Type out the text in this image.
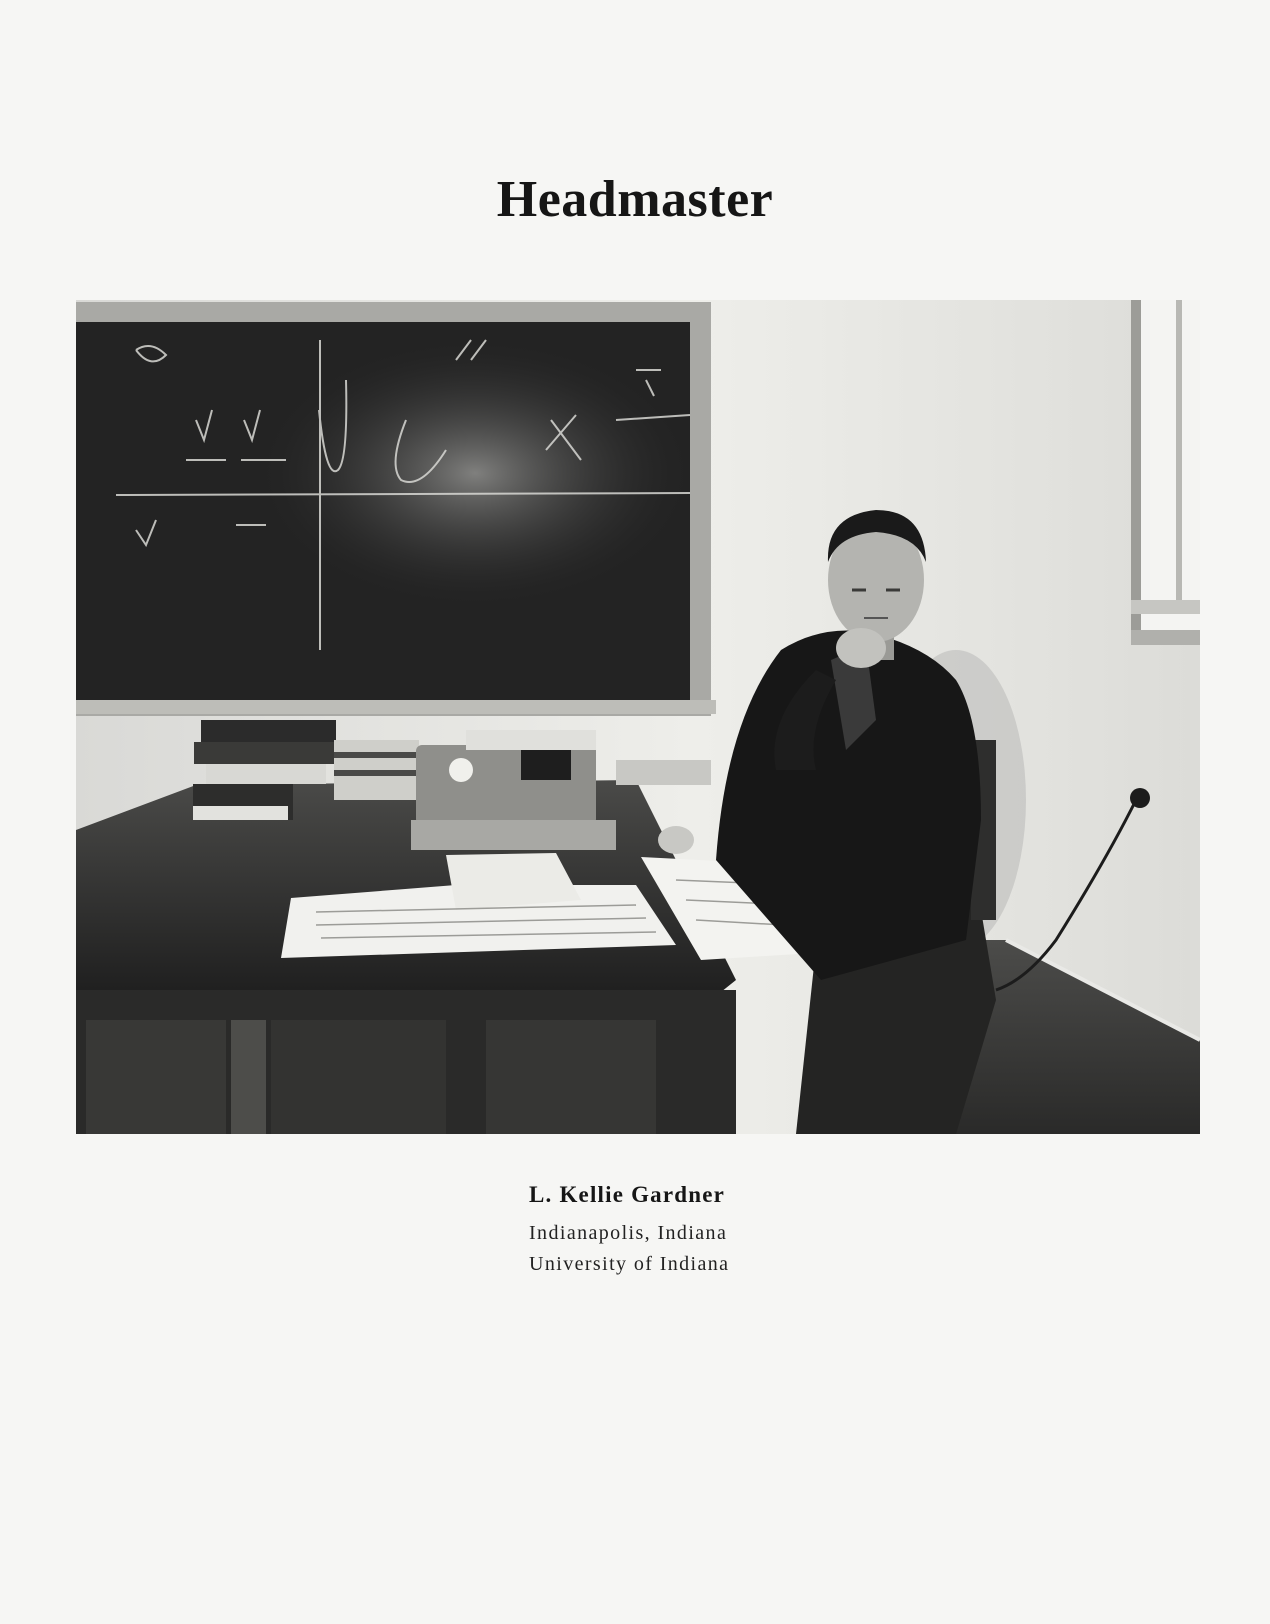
Headmaster
L. Kellie Gardner
Indianapolis, Indiana
University of Indiana
